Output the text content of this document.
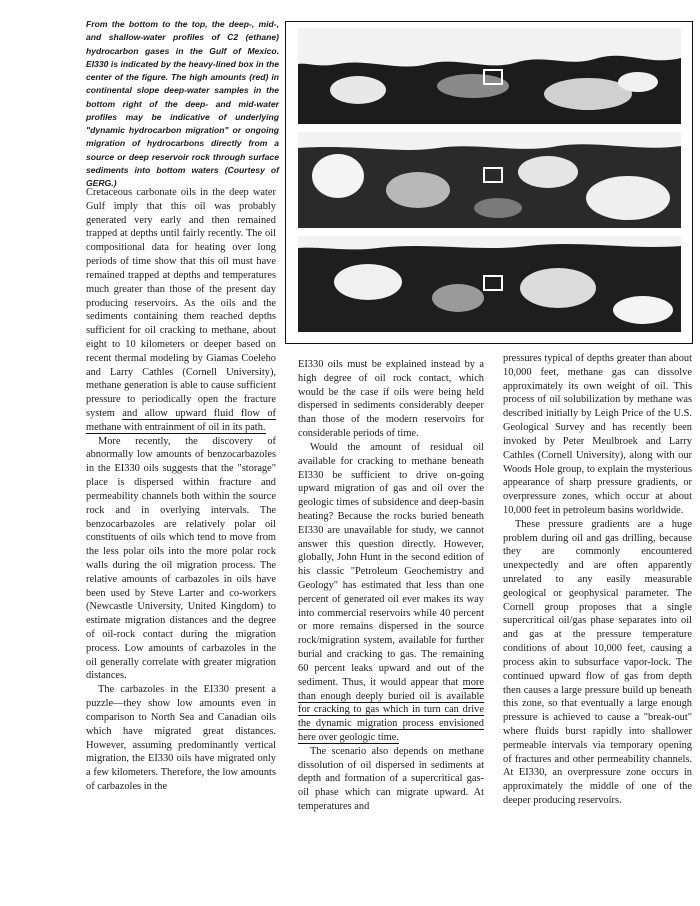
From the bottom to the top, the deep-, mid-, and shallow-water profiles of C2 (ethane) hydrocarbon gases in the Gulf of Mexico. EI330 is indicated by the heavy-lined box in the center of the figure. The high amounts (red) in continental slope deep-water samples in the bottom right of the deep- and mid-water profiles may be indicative of underlying "dynamic hydrocarbon migration" or ongoing migration of hydrocarbons directly from a source or deep reservoir rock through surface sediments into bottom waters (Courtesy of GERG.)

Cretaceous carbonate oils in the deep water Gulf imply that this oil was probably generated very early and then remained trapped at depths until fairly recently. The oil compositional data for heating over long periods of time show that this oil must have remained trapped at depths and temperatures much greater than those of the present day producing reservoirs. As the oils and the sediments containing them reached depths sufficient for oil cracking to methane, about eight to 10 kilometers or deeper based on recent thermal modeling by Giamas Coeleho and Larry Cathles (Cornell University), methane generation is able to cause sufficient pressure to periodically open the fracture system and allow upward fluid flow of methane with entrainment of oil in its path.

More recently, the discovery of abnormally low amounts of benzocarbazoles in the EI330 oils suggests that the "storage" place is dispersed within fracture and permeability channels both within the source rock and in overlying intervals. The benzocarbazoles are relatively polar oil constituents of oils which tend to move from the less polar oils into the more polar rock walls during the oil migration process. The relative amounts of carbazoles in oils have been used by Steve Larter and co-workers (Newcastle University, United Kingdom) to estimate migration distances and the degree of oil-rock contact during the migration process. Low amounts of carbazoles in the oil generally correlate with greater migration distances.

The carbazoles in the EI330 present a puzzle—they show low amounts even in comparison to North Sea and Canadian oils which have migrated great distances. However, assuming predominantly vertical migration, the EI330 oils have migrated only a few kilometers. Therefore, the low amounts of carbazoles in the

EI330 oils must be explained instead by a high degree of oil rock contact, which would be the case if oils were being held dispersed in sediments considerably deeper than those of the modern reservoirs for considerable periods of time.

Would the amount of residual oil available for cracking to methane beneath EI330 be sufficient to drive on-going upward migration of gas and oil over the geologic times of subsidence and deep-basin heating? Because the rocks buried beneath EI330 are unavailable for study, we cannot answer this question directly. However, globally, John Hunt in the second edition of his classic "Petroleum Geochemistry and Geology" has estimated that less than one percent of generated oil ever makes its way into commercial reservoirs while 40 percent or more remains dispersed in the source rock/migration system, available for further burial and cracking to gas. The remaining 60 percent leaks upward and out of the sediment. Thus, it would appear that more than enough deeply buried oil is available for cracking to gas which in turn can drive the dynamic migration process envisioned here over geologic time.

The scenario also depends on methane dissolution of oil dispersed in sediments at depth and formation of a supercritical gas-oil phase which can migrate upward. At temperatures and

pressures typical of depths greater than about 10,000 feet, methane gas can dissolve approximately its own weight of oil. This process of oil solubilization by methane was described initially by Leigh Price of the U.S. Geological Survey and has recently been invoked by Peter Meulbroek and Larry Cathles (Cornell University), along with our Woods Hole group, to explain the mysterious appearance of sharp pressure gradients, or overpressure zones, which occur at about 10,000 feet in petroleum basins worldwide.

These pressure gradients are a huge problem during oil and gas drilling, because they are commonly encountered unexpectedly and are often apparently unrelated to any easily measurable geological or geophysical parameter. The Cornell group proposes that a single supercritical oil/gas phase separates into oil and gas at the pressure temperature conditions of about 10,000 feet, causing a process akin to subsurface vapor-lock. The continued upward flow of gas from depth then causes a large pressure build up beneath this zone, so that eventually a large enough pressure is achieved to cause a "break-out" where fluids burst rapidly into shallower permeable intervals via temporary opening of fractures and other permeability channels. At EI330, an overpressure zone occurs in approximately the middle of one of the deeper producing reservoirs.
